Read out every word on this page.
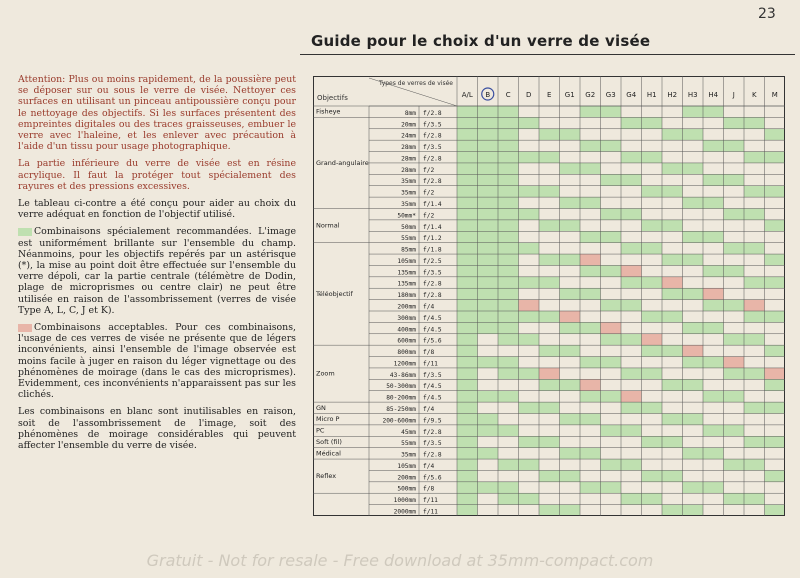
23
Guide pour le choix d'un verre de visée

Attention: Plus ou moins rapidement, de la poussière peut se déposer sur ou sous le verre de visée. Nettoyer ces surfaces en utilisant un pinceau antipoussière conçu pour le nettoyage des objectifs. Si les surfaces présentent des empreintes digitales ou des traces graisseuses, embuer le verre avec l'haleine, et les enlever avec précaution à l'aide d'un tissu pour usage photographique.

La partie inférieure du verre de visée est en résine acrylique. Il faut la protéger tout spécialement des rayures et des pressions excessives.

Le tableau ci-contre a été conçu pour aider au choix du verre adéquat en fonction de l'objectif utilisé.

Combinaisons spécialement recommandées. L'image est uniformément brillante sur l'ensemble du champ. Néanmoins, pour les objectifs repérés par un astérisque (*), la mise au point doit être effectuée sur l'ensemble du verre dépoli, car la partie centrale (télémètre de Dodin, plage de microprismes ou centre clair) ne peut être utilisée en raison de l'assombrissement (verres de visée Type A, L, C, J et K).

Combinaisons acceptables. Pour ces combinaisons, l'usage de ces verres de visée ne présente que de légers inconvénients, ainsi l'ensemble de l'image observée est moins facile à juger en raison du léger vignettage ou des phénomènes de moirage (dans le cas des microprismes). Evidemment, ces inconvénients n'apparaissent pas sur les clichés.

Les combinaisons en blanc sont inutilisables en raison, soit de l'assombrissement de l'image, soit des phénomènes de moirage considérables qui peuvent affecter l'ensemble du verre de visée.

Types de verres de visée
Objectifs	A/L B C D E G1 G2 G3 G4 H1 H2 H3 H4 J K M
8mm f/2.8
20mm f/3.5
24mm f/2.8
28mm f/3.5
28mm f/2.8
28mm f/2
35mm f/2.8
35mm f/2
35mm f/1.4
50mm* f/2
50mm f/1.4
55mm f/1.2
85mm f/1.8
105mm f/2.5
135mm f/3.5
135mm f/2.8
180mm f/2.8
200mm f/4
300mm f/4.5
400mm f/4.5
600mm f/5.6
800mm f/8
1200mm f/11
43-86mm f/3.5
50-300mm f/4.5
80-200mm f/4.5
85-250mm f/4
200-600mm f/9.5
45mm f/2.8
55mm f/3.5
35mm f/2.8
105mm f/4
200mm f/5.6
500mm f/8
1000mm f/11
2000mm f/11
Fisheye
Grand-angulaire
Normal
Téléobjectif
Zoom
GN
Micro P
PC
Soft (fil)
Médical
Reflex
Gratuit - Not for resale - Free download at 35mm-compact.com
